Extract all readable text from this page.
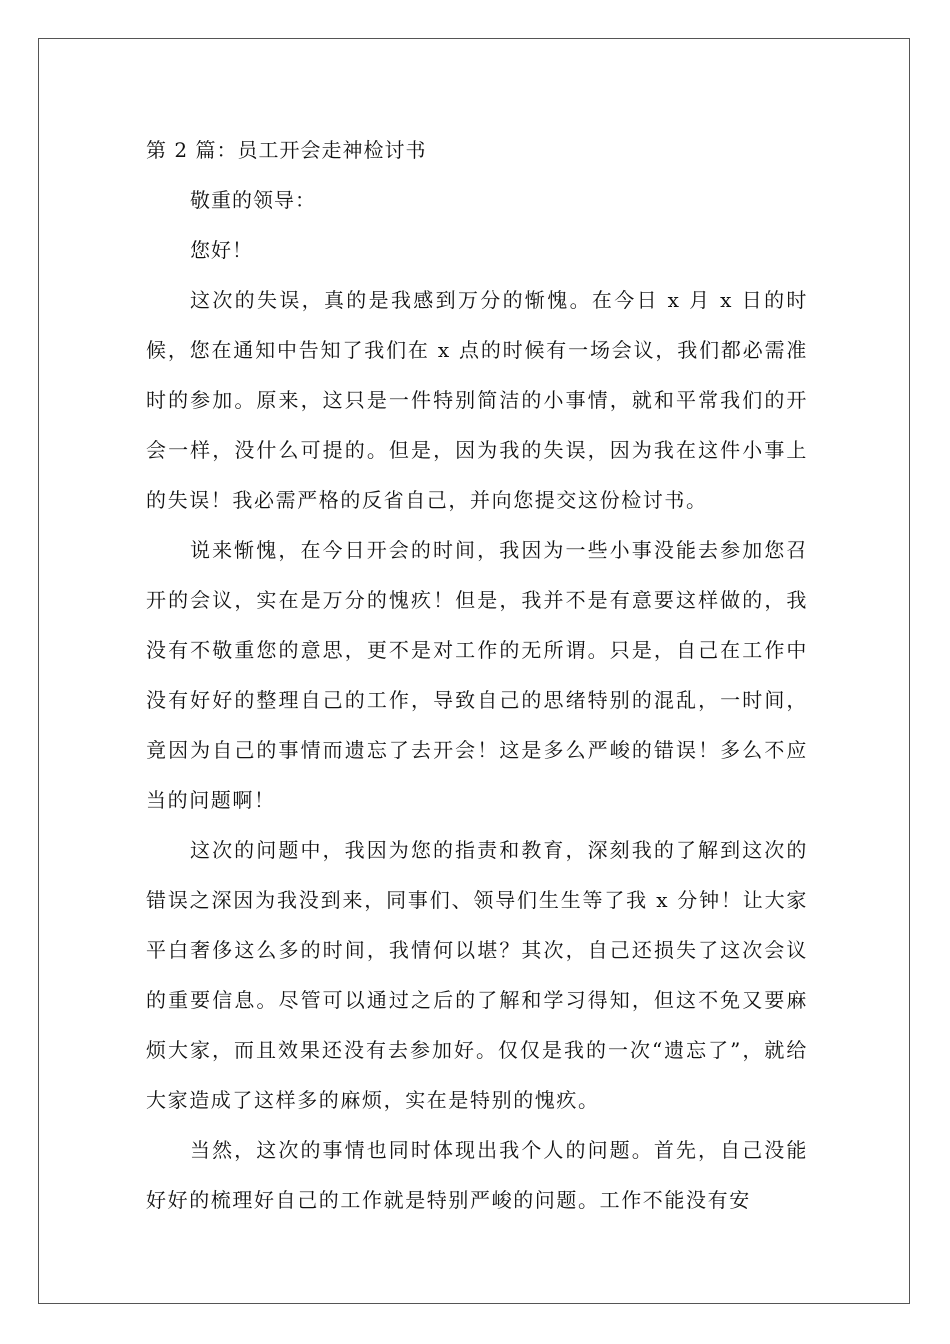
第 2 篇：员工开会走神检讨书

敬重的领导：

您好！

这次的失误，真的是我感到万分的惭愧。在今日 x 月 x 日的时候，您在通知中告知了我们在 x 点的时候有一场会议，我们都必需准时的参加。原来，这只是一件特别简洁的小事情，就和平常我们的开会一样，没什么可提的。但是，因为我的失误，因为我在这件小事上的失误！我必需严格的反省自己，并向您提交这份检讨书。

说来惭愧，在今日开会的时间，我因为一些小事没能去参加您召开的会议，实在是万分的愧疚！但是，我并不是有意要这样做的，我没有不敬重您的意思，更不是对工作的无所谓。只是，自己在工作中没有好好的整理自己的工作，导致自己的思绪特别的混乱，一时间，竟因为自己的事情而遗忘了去开会！这是多么严峻的错误！多么不应当的问题啊！

这次的问题中，我因为您的指责和教育，深刻我的了解到这次的错误之深因为我没到来，同事们、领导们生生等了我 x 分钟！让大家平白奢侈这么多的时间，我情何以堪？其次，自己还损失了这次会议的重要信息。尽管可以通过之后的了解和学习得知，但这不免又要麻烦大家，而且效果还没有去参加好。仅仅是我的一次“遗忘了”，就给大家造成了这样多的麻烦，实在是特别的愧疚。

当然，这次的事情也同时体现出我个人的问题。首先，自己没能好好的梳理好自己的工作就是特别严峻的问题。工作不能没有安
